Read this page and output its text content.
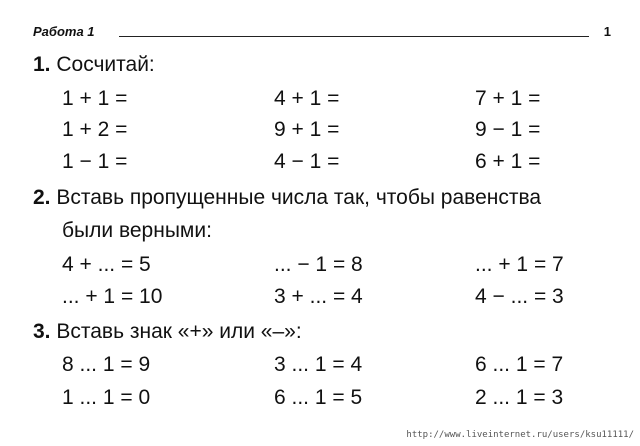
Работа 1	1
1. Сосчитай:
1 + 1 =	4 + 1 =	7 + 1 =
1 + 2 =	9 + 1 =	9 − 1 =
1 − 1 =	4 − 1 =	6 + 1 =
2. Вставь пропущенные числа так, чтобы равенства
были верными:
4 + ... = 5	... − 1 = 8	... + 1 = 7
... + 1 = 10	3 + ... = 4	4 − ... = 3
3. Вставь знак «+» или «–»:
8 ... 1 = 9	3 ... 1 = 4	6 ... 1 = 7
1 ... 1 = 0	6 ... 1 = 5	2 ... 1 = 3
http://www.liveinternet.ru/users/ksu11111/
